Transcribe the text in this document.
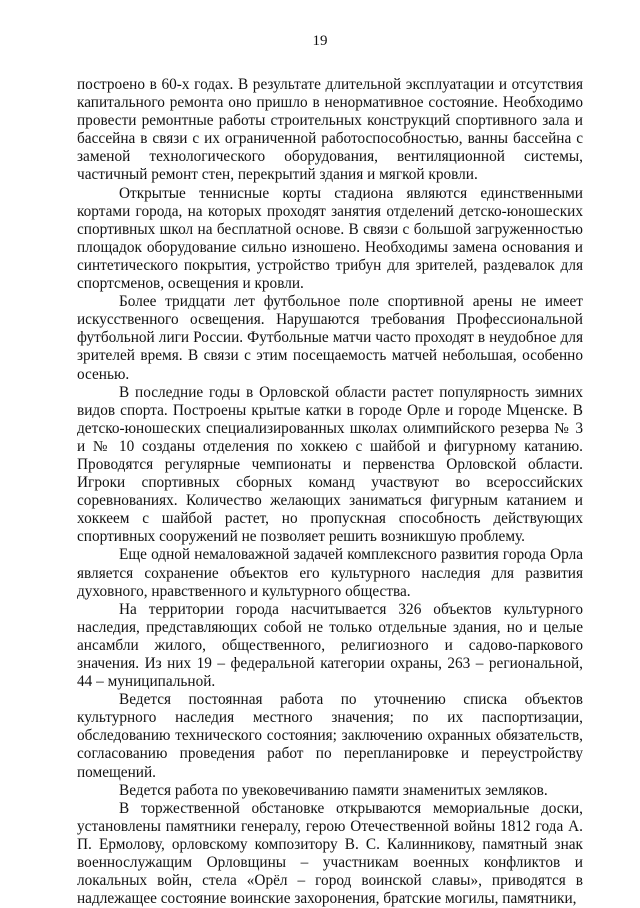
19

построено в 60-х годах. В результате длительной эксплуатации и отсутствия капитального ремонта оно пришло в ненормативное состояние. Необходимо провести ремонтные работы строительных конструкций спортивного зала и бассейна в связи с их ограниченной работоспособностью, ванны бассейна с заменой технологического оборудования, вентиляционной системы, частичный ремонт стен, перекрытий здания и мягкой кровли.

Открытые теннисные корты стадиона являются единственными кортами города, на которых проходят занятия отделений детско-юношеских спортивных школ на бесплатной основе. В связи с большой загруженностью площадок оборудование сильно изношено. Необходимы замена основания и синтетического покрытия, устройство трибун для зрителей, раздевалок для спортсменов, освещения и кровли.

Более тридцати лет футбольное поле спортивной арены не имеет искусственного освещения. Нарушаются требования Профессиональной футбольной лиги России. Футбольные матчи часто проходят в неудобное для зрителей время. В связи с этим посещаемость матчей небольшая, особенно осенью.

В последние годы в Орловской области растет популярность зимних видов спорта. Построены крытые катки в городе Орле и городе Мценске. В детско-юношеских специализированных школах олимпийского резерва № 3 и № 10 созданы отделения по хоккею с шайбой и фигурному катанию. Проводятся регулярные чемпионаты и первенства Орловской области. Игроки спортивных сборных команд участвуют во всероссийских соревнованиях. Количество желающих заниматься фигурным катанием и хоккеем с шайбой растет, но пропускная способность действующих спортивных сооружений не позволяет решить возникшую проблему.

Еще одной немаловажной задачей комплексного развития города Орла является сохранение объектов его культурного наследия для развития духовного, нравственного и культурного общества.

На территории города насчитывается 326 объектов культурного наследия, представляющих собой не только отдельные здания, но и целые ансамбли жилого, общественного, религиозного и садово-паркового значения. Из них 19 – федеральной категории охраны, 263 – региональной, 44 – муниципальной.

Ведется постоянная работа по уточнению списка объектов культурного наследия местного значения; по их паспортизации, обследованию технического состояния; заключению охранных обязательств, согласованию проведения работ по перепланировке и переустройству помещений.

Ведется работа по увековечиванию памяти знаменитых земляков.

В торжественной обстановке открываются мемориальные доски, установлены памятники генералу, герою Отечественной войны 1812 года А. П. Ермолову, орловскому композитору В. С. Калинникову, памятный знак военнослужащим Орловщины – участникам военных конфликтов и локальных войн, стела «Орёл – город воинской славы», приводятся в надлежащее состояние воинские захоронения, братские могилы, памятники,
